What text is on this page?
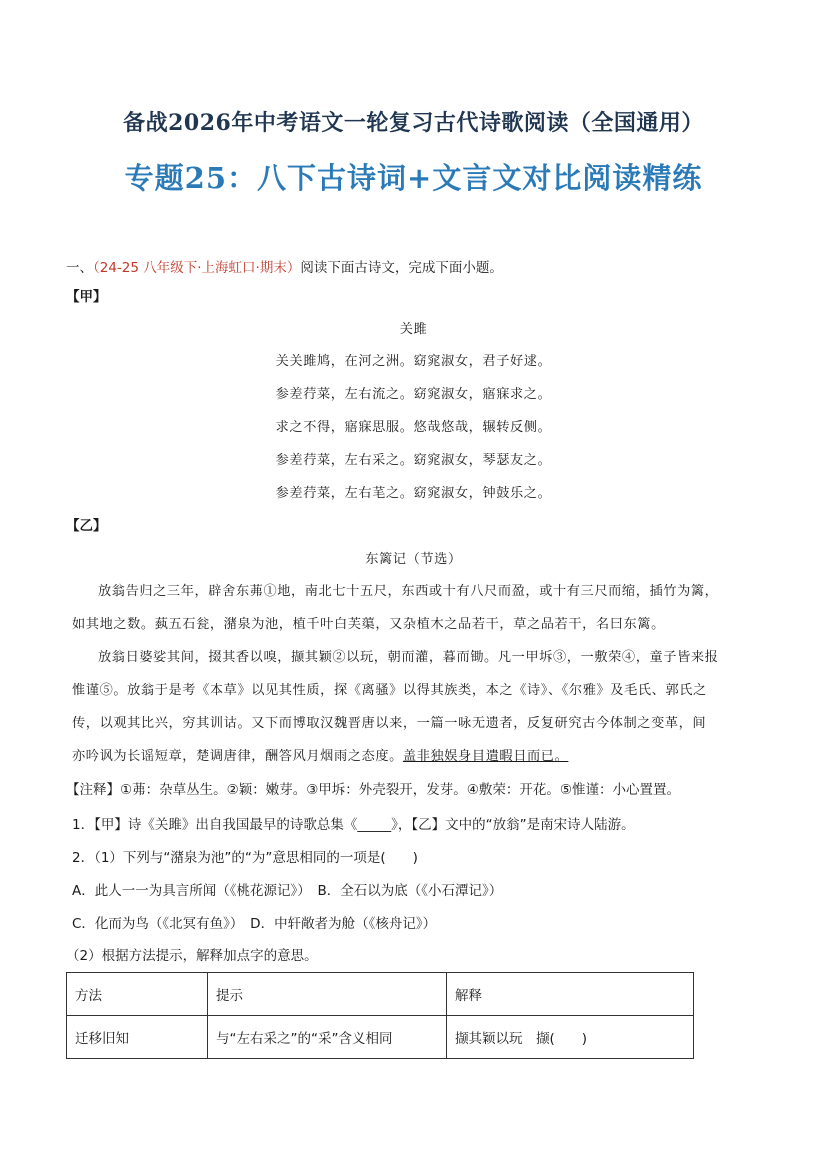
备战2026年中考语文一轮复习古代诗歌阅读（全国通用）
专题25：八下古诗词+文言文对比阅读精练
一、（24-25 八年级下·上海虹口·期末）阅读下面古诗文，完成下面小题。
【甲】
关雎
关关雎鸠，在河之洲。窈窕淑女，君子好逑。
参差荇菜，左右流之。窈窕淑女，寤寐求之。
求之不得，寤寐思服。悠哉悠哉，辗转反侧。
参差荇菜，左右采之。窈窕淑女，琴瑟友之。
参差荇菜，左右芼之。窈窕淑女，钟鼓乐之。
【乙】
东篱记（节选）
放翁告归之三年，辟舍东茀①地，南北七十五尺，东西或十有八尺而盈，或十有三尺而缩，插竹为篱，
如其地之数。蓺五石瓮，潴泉为池，植千叶白芙蕖，又杂植木之品若干，草之品若干，名曰东篱。
放翁日婆娑其间，掇其香以嗅，撷其颖②以玩，朝而灌，暮而锄。凡一甲坼③，一敷荣④，童子皆来报
惟谨⑤。放翁于是考《本草》以见其性质，探《离骚》以得其族类，本之《诗》、《尔雅》及毛氏、郭氏之
传，以观其比兴，穷其训诂。又下而博取汉魏晋唐以来，一篇一咏无遗者，反复研究古今体制之变革，间
亦吟讽为长谣短章，楚调唐律，酬答风月烟雨之态度。盖非独娱身目遣暇日而已。
【注释】①茀：杂草丛生。②颖：嫩芽。③甲坼：外壳裂开，发芽。④敷荣：开花。⑤惟谨：小心置置。
1．【甲】诗《关雎》出自我国最早的诗歌总集《_____》，【乙】文中的“放翁”是南宋诗人陆游。
2．（1）下列与“潴泉为池”的“为”意思相同的一项是(　　)
A．此人一一为具言所闻（《桃花源记》）　B．全石以为底（《小石潭记》）
C．化而为鸟（《北冥有鱼》）　D．中轩敞者为舱（《核舟记》）
（2）根据方法提示，解释加点字的意思。
方法	提示	解释
迁移旧知	与“左右采之”的“采”含义相同	撷其颖以玩　撷(　　)
